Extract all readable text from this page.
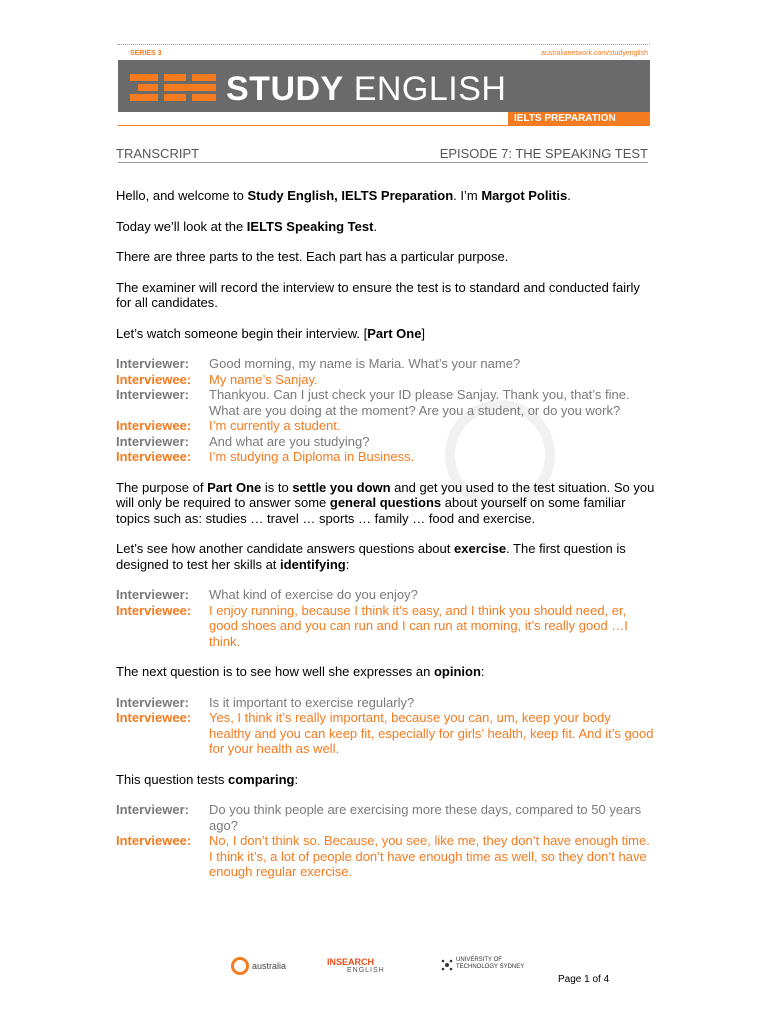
SERIES 3	australianetwork.com/studyenglish
STUDY ENGLISH
IELTS PREPARATION
TRANSCRIPT	EPISODE 7: THE SPEAKING TEST

Hello, and welcome to Study English, IELTS Preparation. I’m Margot Politis.

Today we’ll look at the IELTS Speaking Test.

There are three parts to the test. Each part has a particular purpose.

The examiner will record the interview to ensure the test is to standard and conducted fairly for all candidates.

Let’s watch someone begin their interview. [Part One]

Interviewer:	Good morning, my name is Maria. What’s your name?
Interviewee:	My name’s Sanjay.
Interviewer:	Thankyou. Can I just check your ID please Sanjay. Thank you, that’s fine. What are you doing at the moment? Are you a student, or do you work?
Interviewee:	I’m currently a student.
Interviewer:	And what are you studying?
Interviewee:	I’m studying a Diploma in Business.

The purpose of Part One is to settle you down and get you used to the test situation. So you will only be required to answer some general questions about yourself on some familiar topics such as: studies … travel … sports … family … food and exercise.

Let’s see how another candidate answers questions about exercise. The first question is designed to test her skills at identifying:

Interviewer:	What kind of exercise do you enjoy?
Interviewee:	I enjoy running, because I think it’s easy, and I think you should need, er, good shoes and you can run and I can run at morning, it’s really good …I think.

The next question is to see how well she expresses an opinion:

Interviewer:	Is it important to exercise regularly?
Interviewee:	Yes, I think it’s really important, because you can, um, keep your body healthy and you can keep fit, especially for girls’ health, keep fit. And it’s good for your health as well.

This question tests comparing:

Interviewer:	Do you think people are exercising more these days, compared to 50 years ago?
Interviewee:	No, I don’t think so. Because, you see, like me, they don’t have enough time. I think it’s, a lot of people don’t have enough time as well, so they don’t have enough regular exercise.
australia	INSEARCH
ENGLISH
UNIVERSITY OF TECHNOLOGY SYDNEY
Page 1 of 4
